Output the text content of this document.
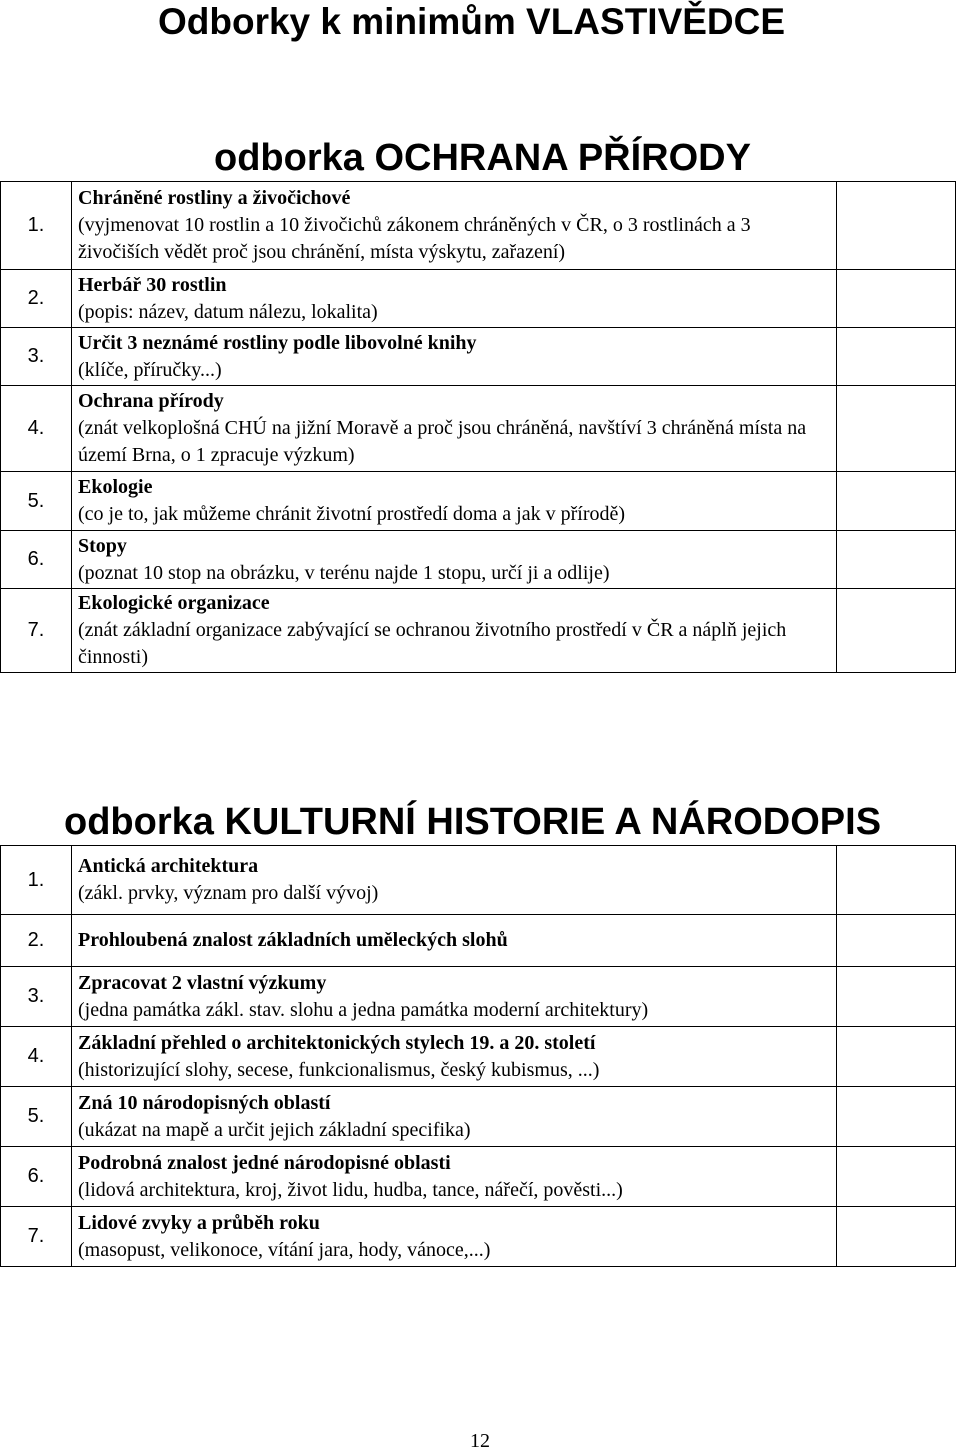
Odborky k minimům VLASTIVĚDCE
odborka OCHRANA PŘÍRODY
1.	Chráněné rostliny a živočichové
(vyjmenovat 10 rostlin a 10 živočichů zákonem chráněných v ČR, o 3 rostlinách a 3 živočiších vědět proč jsou chránění, místa výskytu, zařazení)	

2.	Herbář 30 rostlin
(popis: název, datum nálezu, lokalita)	

3.	Určit 3 neznámé rostliny podle libovolné knihy
(klíče, příručky...)	

4.	Ochrana přírody
(znát velkoplošná CHÚ na jižní Moravě a proč jsou chráněná, navštíví 3 chráněná místa na území Brna, o 1 zpracuje výzkum)	

5.	Ekologie
(co je to, jak můžeme chránit životní prostředí doma a jak v přírodě)	

6.	Stopy
(poznat 10 stop na obrázku, v terénu najde 1 stopu, určí ji a odlije)	

7.	Ekologické organizace
(znát základní organizace zabývající se ochranou životního prostředí v ČR a náplň jejich činnosti)	

odborka KULTURNÍ HISTORIE A NÁRODOPIS
1.	Antická architektura
(zákl. prvky, význam pro další vývoj)	

2.	Prohloubená znalost základních uměleckých slohů	

3.	Zpracovat 2 vlastní výzkumy
(jedna památka zákl. stav. slohu a jedna památka moderní architektury)	

4.	Základní přehled o architektonických stylech 19. a 20. století
(historizující slohy, secese, funkcionalismus, český kubismus, ...)	

5.	Zná 10 národopisných oblastí
(ukázat na mapě a určit jejich základní specifika)	

6.	Podrobná znalost jedné národopisné oblasti
(lidová architektura, kroj, život lidu, hudba, tance, nářečí, pověsti...)	

7.	Lidové zvyky a průběh roku
(masopust, velikonoce, vítání jara, hody, vánoce,...)	

12
